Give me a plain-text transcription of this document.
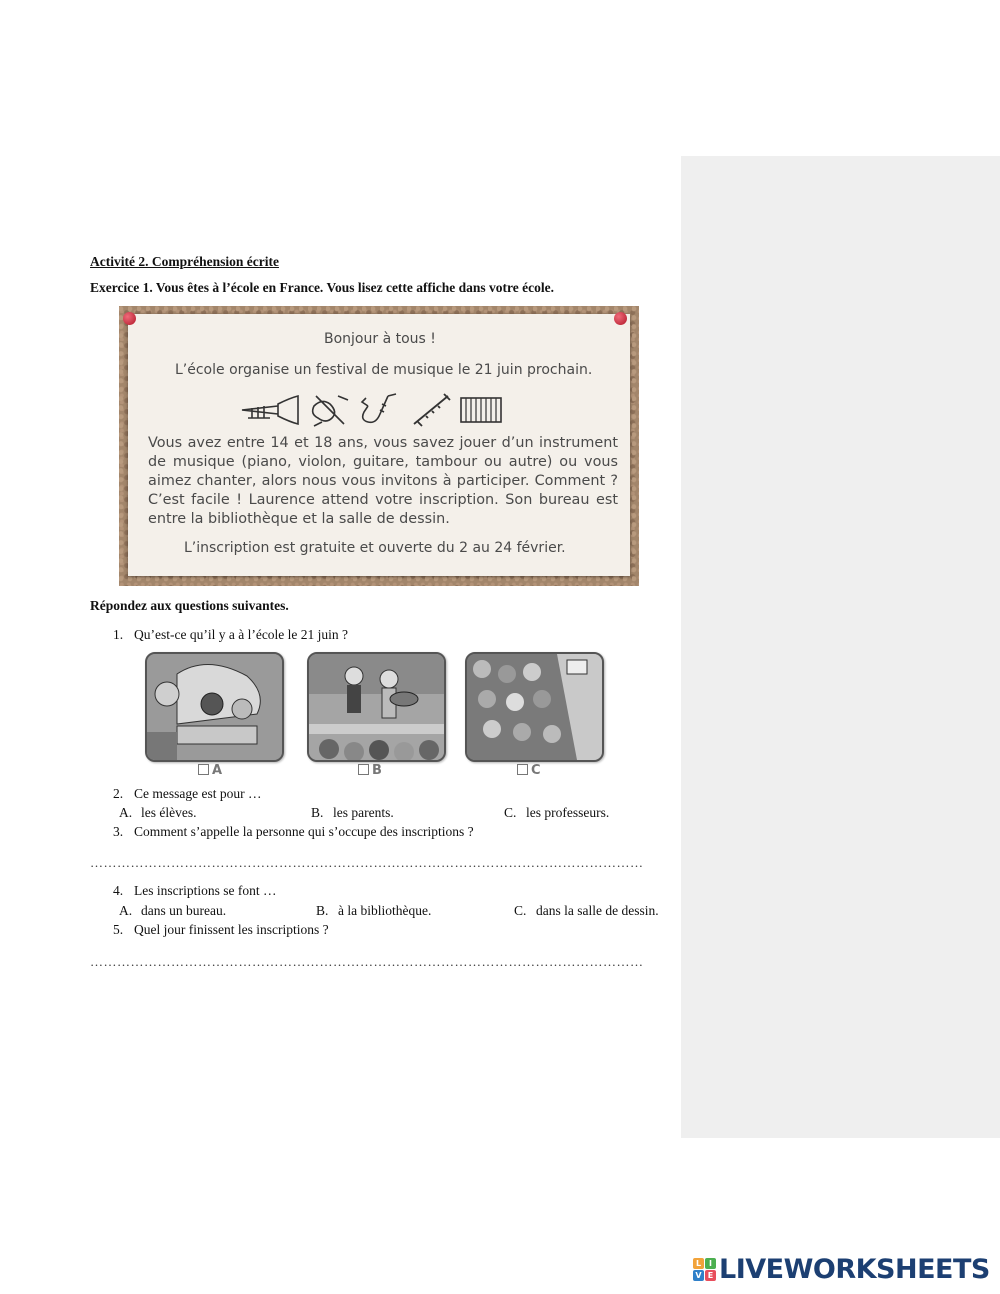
Activité 2. Compréhension écrite
Exercice 1. Vous êtes à l’école en France. Vous lisez cette affiche dans votre école.
Bonjour à tous !
L’école organise un festival de musique le 21 juin prochain.
Vous avez entre 14 et 18 ans, vous savez jouer d’un instrument de musique (piano, violon, guitare, tambour ou autre) ou vous aimez chanter, alors nous vous invitons à participer. Comment ? C’est facile ! Laurence attend votre inscription. Son bureau est entre la bibliothèque et la salle de dessin.
L’inscription est gratuite et ouverte du 2 au 24 février.
Répondez aux questions suivantes.
1. Qu’est-ce qu’il y a à l’école le 21 juin ?
A	B	C
2. Ce message est pour …
A. les élèves.	B. les parents.	C. les professeurs.
3. Comment s’appelle la personne qui s’occupe des inscriptions ?
……………………………………………………………………………………………………………
4. Les inscriptions se font …
A. dans un bureau.	B. à la bibliothèque.	C. dans la salle de dessin.
5. Quel jour finissent les inscriptions ?
……………………………………………………………………………………………………………
L I
V E LIVEWORKSHEETS
